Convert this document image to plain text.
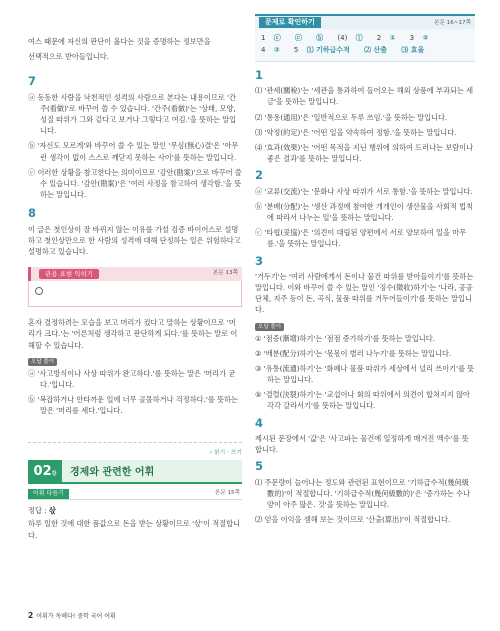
여스 때문에 자신의 판단이 옳다는 것을 증명하는 정보만을

선택적으로 받아들입니다.

7

ⓐ 동동한 사람을 낙천적인 성격의 사람으로 본다는 내용이므로 '간주(看做)'로 바꾸어 쓸 수 있습니다. '간주(看做)'는 '상태, 모양, 성질 따위가 그와 같다고 보거나 그렇다고 여김.'을 뜻하는 말입니다.

ⓑ '자신도 모르게'와 바꾸어 쓸 수 있는 말인 '무심(無心)결'은 '아무런 생각이 없이 스스로 깨닫지 못하는 사이'를 뜻하는 말입니다.

ⓒ 이러한 상황을 참고한다는 의미이므로 '감안(勘案)'으로 바꾸어 쓸 수 있습니다. '감안(勘案)'은 '여러 사정을 참고하여 생각함.'을 뜻하는 말입니다.

8

이 글은 첫인상이 잘 바뀌지 않는 이유를 가설 검증 바이어스로 설명하고 첫인상만으로 한 사람의 성격에 대해 단정하는 일은 위험하다고 설명하고 있습니다.

관용 표현 익히기	본문 13쪽

혼자 결정하려는 모습을 보고 머리가 컸다고 말하는 상황이므로 '머리가 크다.'는 '어른처럼 생각하고 판단하게 되다.'를 뜻하는 말로 이해할 수 있습니다.

오답 풀이

ⓐ '사고방식이나 사상 따위가 완고하다.'를 뜻하는 말은 '머리가 굳다.'입니다.

ⓑ '복잡하거나 안타까운 일에 너무 골몰하거나 걱정하다.'를 뜻하는 말은 '머리를 세다.'입니다.

› 읽기 · 쓰기
02강	경제와 관련한 어휘
어휘 다듬기	본문 15쪽

정답 : 삯

하루 일한 것에 대한 품값으로 돈을 받는 상황이므로 '삯'이 적절합니다.

2 어휘가 독해다! 중학 국어 어휘
문제로 확인하기	본문 16~17쪽
1 ⓒ ⓒ ⓑ (4) ⓛ 2 ① 3 ②
4 ② 5 ⑴ 기하급수적 ⑵ 산출 ⑶ 효율
1

⑴ '관세(關稅)'는 '세관을 통과하여 들어오는 해외 상품에 부과되는 세금'을 뜻하는 말입니다.

⑵ '통용(通用)'은 '일반적으로 두루 쓰임.'을 뜻하는 말입니다.

⑶ '약정(約定)'은 '어떤 일을 약속하여 정함.'을 뜻하는 말입니다.

⑷ '효과(效果)'는 '어떤 목적을 지닌 행위에 의하여 드러나는 보람이나 좋은 결과'를 뜻하는 말입니다.

2

ⓐ '교류(交流)'는 '문화나 사상 따위가 서로 통함.'을 뜻하는 말입니다.

ⓑ '분배(分配)'는 '생산 과정에 참여한 개개인이 생산물을 사회적 법칙에 따라서 나누는 일'을 뜻하는 말입니다.

ⓒ '타협(妥協)'은 '의견이 대립된 양편에서 서로 양보하여 일을 마무름.'을 뜻하는 말입니다.

3

'거두기'는 '여러 사람에게서 돈이나 물건 따위를 받아들이기'를 뜻하는 말입니다. 이와 바꾸어 쓸 수 있는 말인 '징수(徵收)하기'는 '나라, 공공 단체, 지주 등이 돈, 곡식, 물품 따위를 거두어들이기'를 뜻하는 말입니다.

오답 풀이

① '점증(漸增)하기'는 '점점 증가하기'를 뜻하는 말입니다.

② '배분(配分)하기'는 '몫몫이 별러 나누기'를 뜻하는 말입니다.

③ '유통(流通)하기'는 '화폐나 물품 따위가 세상에서 널리 쓰이기'를 뜻하는 말입니다.

⑤ '결렬(決裂)하기'는 '교섭이나 회의 따위에서 의견이 합쳐지지 않아 각각 갈라서기'를 뜻하는 말입니다.

4

제시된 문장에서 '값'은 '사고파는 물건에 일정하게 매겨진 액수'를 뜻합니다.

5

⑴ 주문량이 늘어나는 정도와 관련된 표현이므로 '기하급수적(幾何級數的)'이 적절합니다. '기하급수적(幾何級數的)'은 '증가하는 수나 양이 아주 많은. 것'을 뜻하는 말입니다.

⑵ 얻을 이익을 셈해 보는 것이므로 '산출(算出)'이 적절합니다.
